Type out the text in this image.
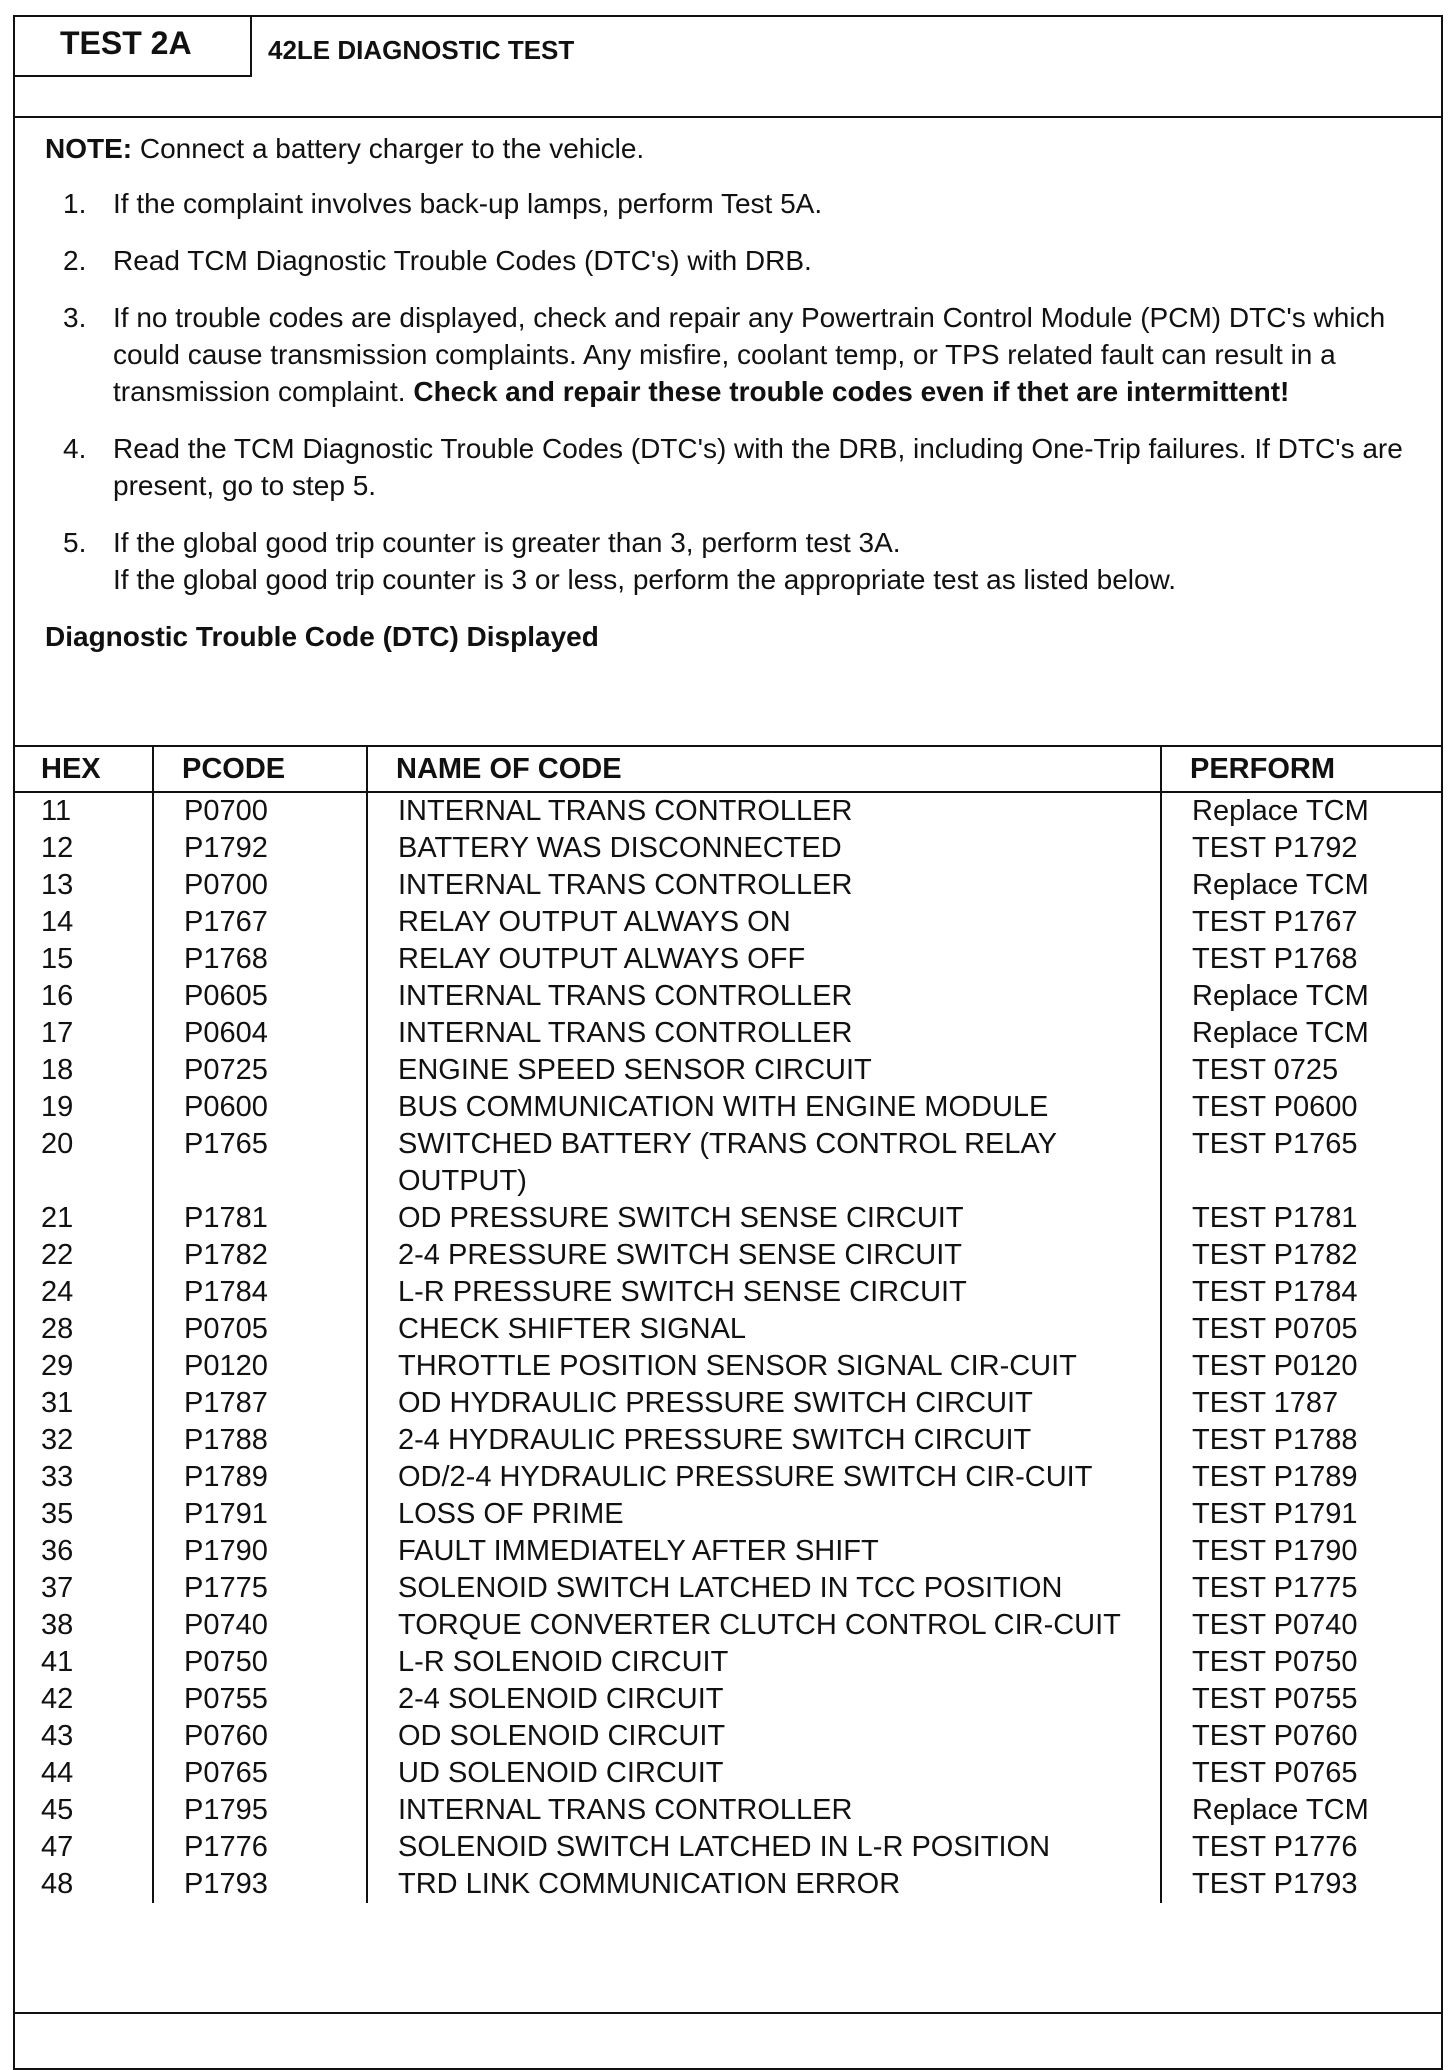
TEST 2A	42LE DIAGNOSTIC TEST

NOTE: Connect a battery charger to the vehicle.

1. If the complaint involves back-up lamps, perform Test 5A.
2. Read TCM Diagnostic Trouble Codes (DTC's) with DRB.
3. If no trouble codes are displayed, check and repair any Powertrain Control Module (PCM) DTC's which could cause transmission complaints. Any misfire, coolant temp, or TPS related fault can result in a transmission complaint. Check and repair these trouble codes even if thet are intermittent!
4. Read the TCM Diagnostic Trouble Codes (DTC's) with the DRB, including One-Trip failures. If DTC's are present, go to step 5.
5. If the global good trip counter is greater than 3, perform test 3A.
If the global good trip counter is 3 or less, perform the appropriate test as listed below.
Diagnostic Trouble Code (DTC) Displayed
HEX	PCODE	NAME OF CODE	PERFORM
11	P0700	INTERNAL TRANS CONTROLLER	Replace TCM
12	P1792	BATTERY WAS DISCONNECTED	TEST P1792
13	P0700	INTERNAL TRANS CONTROLLER	Replace TCM
14	P1767	RELAY OUTPUT ALWAYS ON	TEST P1767
15	P1768	RELAY OUTPUT ALWAYS OFF	TEST P1768
16	P0605	INTERNAL TRANS CONTROLLER	Replace TCM
17	P0604	INTERNAL TRANS CONTROLLER	Replace TCM
18	P0725	ENGINE SPEED SENSOR CIRCUIT	TEST 0725
19	P0600	BUS COMMUNICATION WITH ENGINE MODULE	TEST P0600
20	P1765	SWITCHED BATTERY (TRANS CONTROL RELAY OUTPUT)	TEST P1765
21	P1781	OD PRESSURE SWITCH SENSE CIRCUIT	TEST P1781
22	P1782	2-4 PRESSURE SWITCH SENSE CIRCUIT	TEST P1782
24	P1784	L-R PRESSURE SWITCH SENSE CIRCUIT	TEST P1784
28	P0705	CHECK SHIFTER SIGNAL	TEST P0705
29	P0120	THROTTLE POSITION SENSOR SIGNAL CIR-CUIT	TEST P0120
31	P1787	OD HYDRAULIC PRESSURE SWITCH CIRCUIT	TEST 1787
32	P1788	2-4 HYDRAULIC PRESSURE SWITCH CIRCUIT	TEST P1788
33	P1789	OD/2-4 HYDRAULIC PRESSURE SWITCH CIR-CUIT	TEST P1789
35	P1791	LOSS OF PRIME	TEST P1791
36	P1790	FAULT IMMEDIATELY AFTER SHIFT	TEST P1790
37	P1775	SOLENOID SWITCH LATCHED IN TCC POSITION	TEST P1775
38	P0740	TORQUE CONVERTER CLUTCH CONTROL CIR-CUIT	TEST P0740
41	P0750	L-R SOLENOID CIRCUIT	TEST P0750
42	P0755	2-4 SOLENOID CIRCUIT	TEST P0755
43	P0760	OD SOLENOID CIRCUIT	TEST P0760
44	P0765	UD SOLENOID CIRCUIT	TEST P0765
45	P1795	INTERNAL TRANS CONTROLLER	Replace TCM
47	P1776	SOLENOID SWITCH LATCHED IN L-R POSITION	TEST P1776
48	P1793	TRD LINK COMMUNICATION ERROR	TEST P1793
